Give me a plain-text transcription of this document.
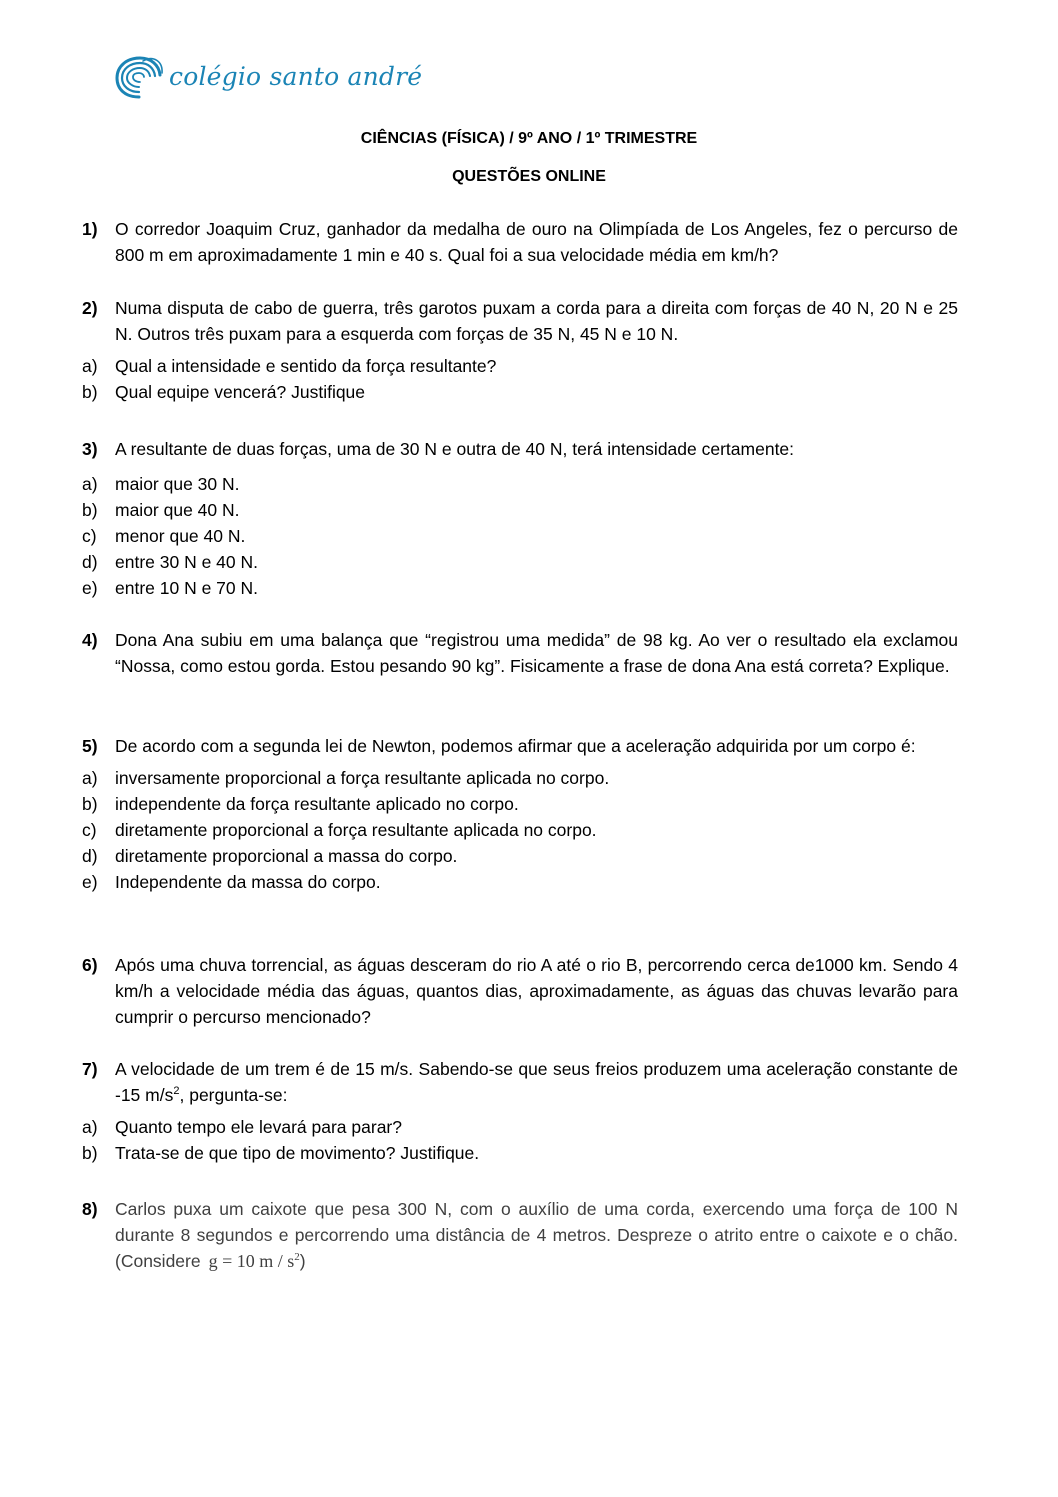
colégio santo andré
CIÊNCIAS (FÍSICA) / 9º ANO / 1º TRIMESTRE
QUESTÕES ONLINE
1) O corredor Joaquim Cruz, ganhador da medalha de ouro na Olimpíada de Los Angeles, fez o percurso de 800 m em aproximadamente 1 min e 40 s. Qual foi a sua velocidade média em km/h?
2) Numa disputa de cabo de guerra, três garotos puxam a corda para a direita com forças de 40 N, 20 N e 25 N. Outros três puxam para a esquerda com forças de 35 N, 45 N e 10 N.
a) Qual a intensidade e sentido da força resultante?
b) Qual equipe vencerá? Justifique
3) A resultante de duas forças, uma de 30 N e outra de 40 N, terá intensidade certamente:
a) maior que 30 N.
b) maior que 40 N.
c)	menor que 40 N.
d) entre 30 N e 40 N.
e) entre 10 N e 70 N.
4) Dona Ana subiu em uma balança que “registrou uma medida” de 98 kg. Ao ver o resultado ela exclamou “Nossa, como estou gorda. Estou pesando 90 kg”. Fisicamente a frase de dona Ana está correta? Explique.
5) De acordo com a segunda lei de Newton, podemos afirmar que a aceleração adquirida por um corpo é:
a) inversamente proporcional a força resultante aplicada no corpo.
b) independente da força resultante aplicado no corpo.
c)	diretamente proporcional a força resultante aplicada no corpo.
d) diretamente proporcional a massa do corpo.
e) Independente da massa do corpo.
6) Após uma chuva torrencial, as águas desceram do rio A até o rio B, percorrendo cerca de1000 km. Sendo 4 km/h a velocidade média das águas, quantos dias, aproximadamente, as águas das chuvas levarão para cumprir o percurso mencionado?
7) A velocidade de um trem é de 15 m/s. Sabendo-se que seus freios produzem uma aceleração constante de -15 $m/s^2$, pergunta-se:
a) Quanto tempo ele levará para parar?
b) Trata-se de que tipo de movimento? Justifique.
8) Carlos puxa um caixote que pesa 300 N, com o auxílio de uma corda, exercendo uma força de 100 N durante 8 segundos e percorrendo uma distância de 4 metros. Despreze o atrito entre o caixote e o chão. (Considere g = 10 m / $s^2$)
